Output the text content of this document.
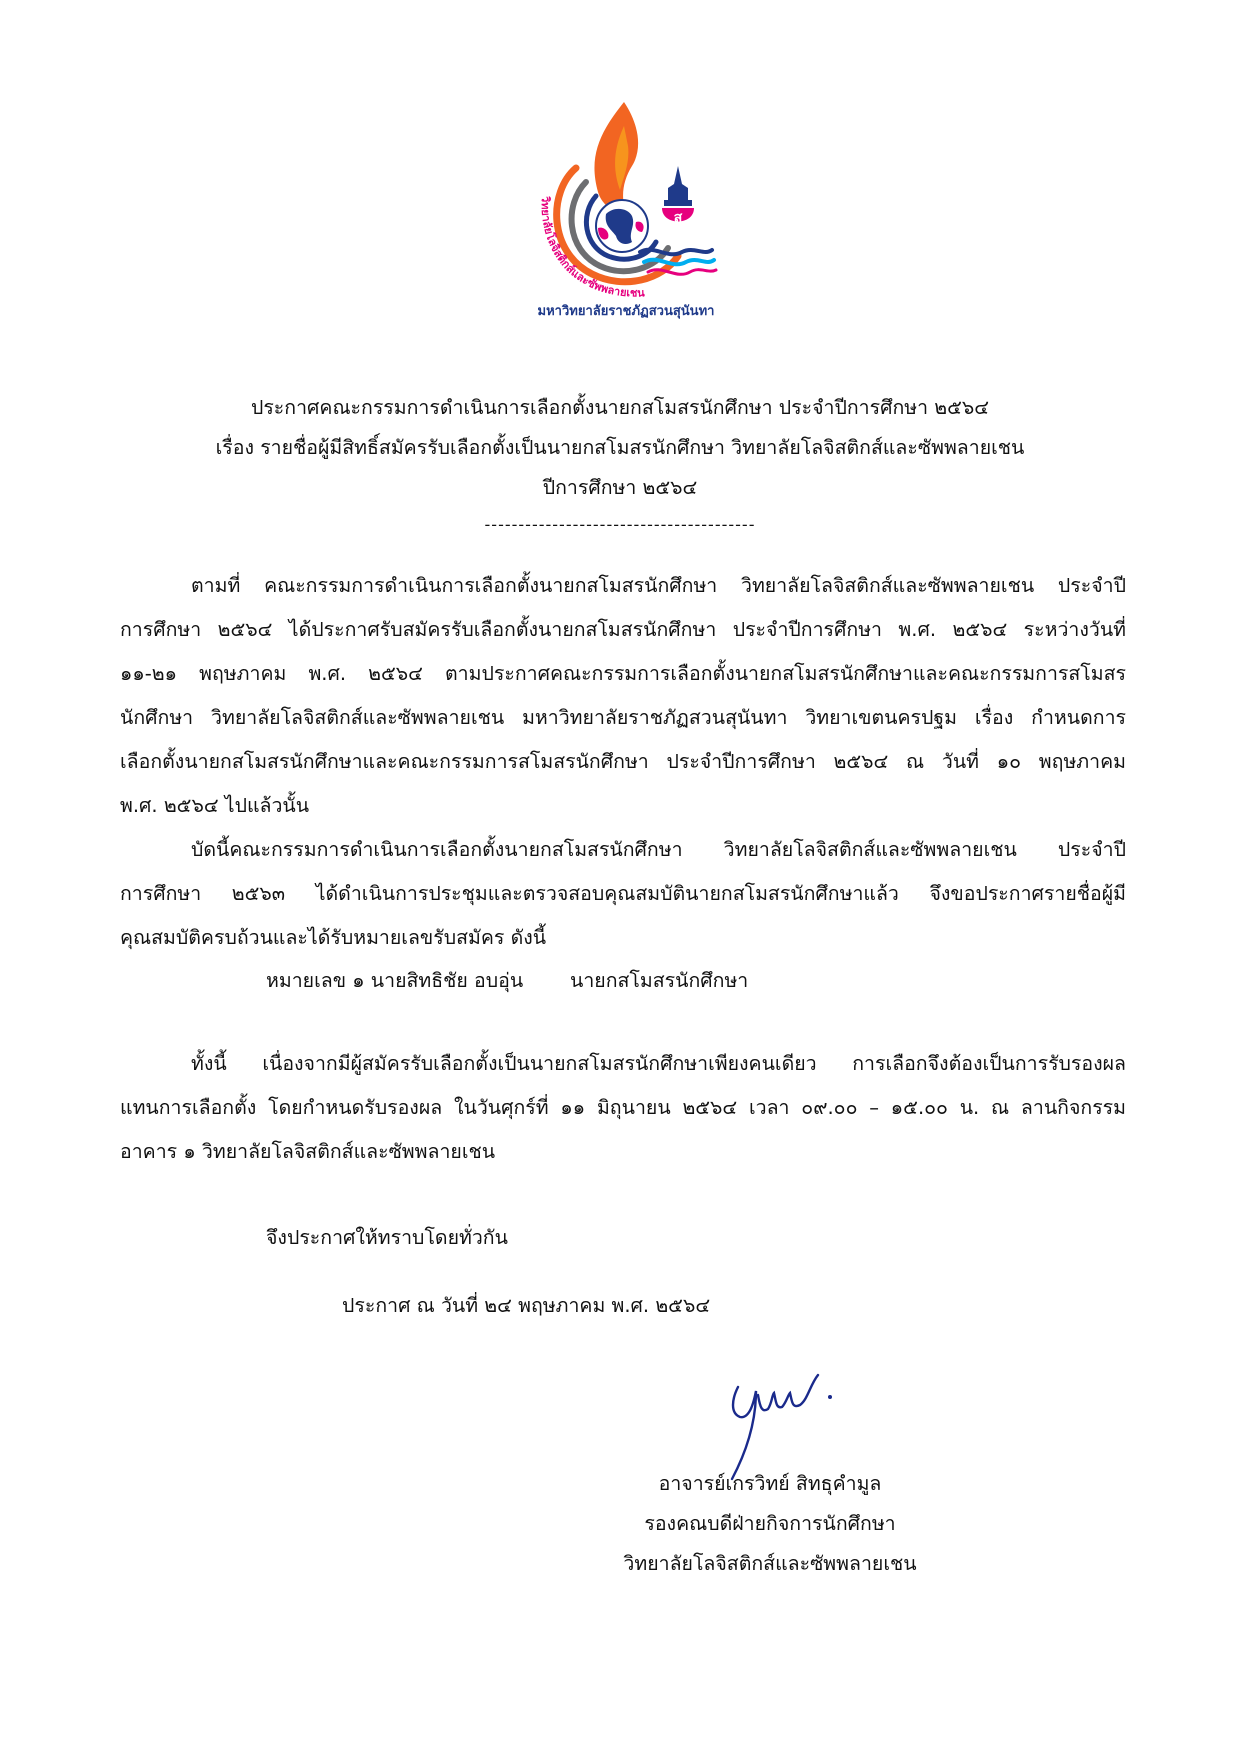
ส
วิทยาลัยโลจิสติกส์และซัพพลายเชน
มหาวิทยาลัยราชภัฏสวนสุนันทา
ประกาศคณะกรรมการดำเนินการเลือกตั้งนายกสโมสรนักศึกษา ประจำปีการศึกษา ๒๕๖๔
เรื่อง รายชื่อผู้มีสิทธิ์สมัครรับเลือกตั้งเป็นนายกสโมสรนักศึกษา วิทยาลัยโลจิสติกส์และซัพพลายเชน
ปีการศึกษา ๒๕๖๔
----------------------------------------
ตามที่ คณะกรรมการดำเนินการเลือกตั้งนายกสโมสรนักศึกษา วิทยาลัยโลจิสติกส์และซัพพลายเชน ประจำปี
การศึกษา ๒๕๖๔ ได้ประกาศรับสมัครรับเลือกตั้งนายกสโมสรนักศึกษา ประจำปีการศึกษา พ.ศ. ๒๕๖๔ ระหว่างวันที่
๑๑-๒๑ พฤษภาคม พ.ศ. ๒๕๖๔ ตามประกาศคณะกรรมการเลือกตั้งนายกสโมสรนักศึกษาและคณะกรรมการสโมสร
นักศึกษา วิทยาลัยโลจิสติกส์และซัพพลายเชน มหาวิทยาลัยราชภัฏสวนสุนันทา วิทยาเขตนครปฐม เรื่อง กำหนดการ
เลือกตั้งนายกสโมสรนักศึกษาและคณะกรรมการสโมสรนักศึกษา ประจำปีการศึกษา ๒๕๖๔ ณ วันที่ ๑๐ พฤษภาคม
พ.ศ. ๒๕๖๔ ไปแล้วนั้น
บัดนี้คณะกรรมการดำเนินการเลือกตั้งนายกสโมสรนักศึกษา วิทยาลัยโลจิสติกส์และซัพพลายเชน ประจำปี
การศึกษา ๒๕๖๓ ได้ดำเนินการประชุมและตรวจสอบคุณสมบัตินายกสโมสรนักศึกษาแล้ว จึงขอประกาศรายชื่อผู้มี
คุณสมบัติครบถ้วนและได้รับหมายเลขรับสมัคร ดังนี้
หมายเลข ๑ นายสิทธิชัย อบอุ่น นายกสโมสรนักศึกษา
ทั้งนี้ เนื่องจากมีผู้สมัครรับเลือกตั้งเป็นนายกสโมสรนักศึกษาเพียงคนเดียว การเลือกจึงต้องเป็นการรับรองผล
แทนการเลือกตั้ง โดยกำหนดรับรองผล ในวันศุกร์ที่ ๑๑ มิถุนายน ๒๕๖๔ เวลา ๐๙.๐๐ – ๑๕.๐๐ น. ณ ลานกิจกรรม
อาคาร ๑ วิทยาลัยโลจิสติกส์และซัพพลายเชน
จึงประกาศให้ทราบโดยทั่วกัน
ประกาศ ณ วันที่ ๒๔ พฤษภาคม พ.ศ. ๒๕๖๔
อาจารย์เกรวิทย์ สิทธุคำมูล
รองคณบดีฝ่ายกิจการนักศึกษา
วิทยาลัยโลจิสติกส์และซัพพลายเชน
